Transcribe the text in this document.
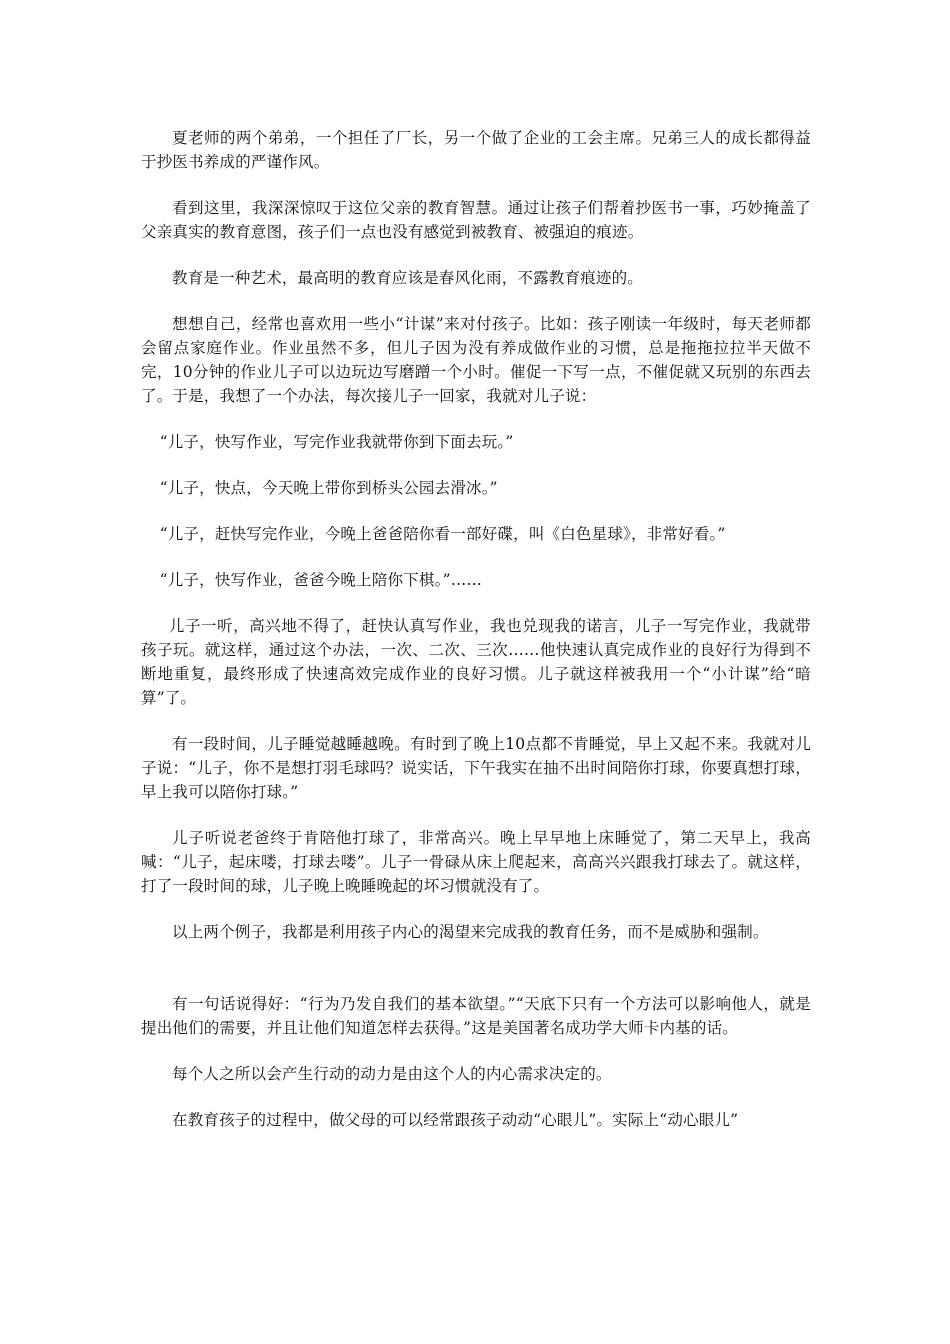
夏老师的两个弟弟，一个担任了厂长，另一个做了企业的工会主席。兄弟三人的成长都得益于抄医书养成的严谨作风。

看到这里，我深深惊叹于这位父亲的教育智慧。通过让孩子们帮着抄医书一事，巧妙掩盖了父亲真实的教育意图，孩子们一点也没有感觉到被教育、被强迫的痕迹。

教育是一种艺术，最高明的教育应该是春风化雨，不露教育痕迹的。

想想自己，经常也喜欢用一些小“计谋”来对付孩子。比如：孩子刚读一年级时，每天老师都会留点家庭作业。作业虽然不多，但儿子因为没有养成做作业的习惯，总是拖拖拉拉半天做不完，10分钟的作业儿子可以边玩边写磨蹭一个小时。催促一下写一点，不催促就又玩别的东西去了。于是，我想了一个办法，每次接儿子一回家，我就对儿子说：

“儿子，快写作业，写完作业我就带你到下面去玩。”

“儿子，快点，今天晚上带你到桥头公园去滑冰。”

“儿子，赶快写完作业，今晚上爸爸陪你看一部好碟，叫《白色星球》，非常好看。”

“儿子，快写作业，爸爸今晚上陪你下棋。”……

儿子一听，高兴地不得了，赶快认真写作业，我也兑现我的诺言，儿子一写完作业，我就带孩子玩。就这样，通过这个办法，一次、二次、三次……他快速认真完成作业的良好行为得到不断地重复，最终形成了快速高效完成作业的良好习惯。儿子就这样被我用一个“小计谋”给“暗算”了。

有一段时间，儿子睡觉越睡越晚。有时到了晚上10点都不肯睡觉，早上又起不来。我就对儿子说：“儿子，你不是想打羽毛球吗？说实话，下午我实在抽不出时间陪你打球，你要真想打球，早上我可以陪你打球。”

儿子听说老爸终于肯陪他打球了，非常高兴。晚上早早地上床睡觉了，第二天早上，我高喊：“儿子，起床喽，打球去喽”。儿子一骨碌从床上爬起来，高高兴兴跟我打球去了。就这样，打了一段时间的球，儿子晚上晚睡晚起的坏习惯就没有了。

以上两个例子，我都是利用孩子内心的渴望来完成我的教育任务，而不是威胁和强制。

有一句话说得好：“行为乃发自我们的基本欲望。”“天底下只有一个方法可以影响他人，就是提出他们的需要，并且让他们知道怎样去获得。”这是美国著名成功学大师卡内基的话。

每个人之所以会产生行动的动力是由这个人的内心需求决定的。

在教育孩子的过程中，做父母的可以经常跟孩子动动“心眼儿”。实际上“动心眼儿”
